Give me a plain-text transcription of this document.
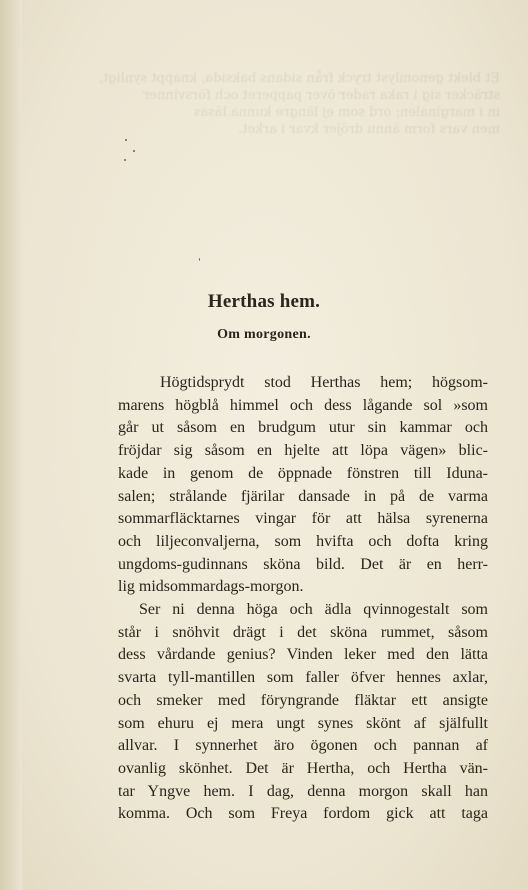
Et blekt genomlyst tryck från sidans baksida, knappt synligt,
sträcker sig i raka rader över papperet och försvinner
in i marginalen; ord som ej längre kunna läsas
men vars form ännu dröjer kvar i arket.

Herthas hem.
Om morgonen.
Högtidsprydt stod Herthas hem; högsom-
marens högblå himmel och dess lågande sol »som
går ut såsom en brudgum utur sin kammar och
fröjdar sig såsom en hjelte att löpa vägen» blic-
kade in genom de öppnade fönstren till Iduna-
salen; strålande fjärilar dansade in på de varma
sommarfläcktarnes vingar för att hälsa syrenerna
och liljeconvaljerna, som hvifta och dofta kring
ungdoms-gudinnans sköna bild. Det är en herr-
lig midsommardags-morgon.
Ser ni denna höga och ädla qvinnogestalt som
står i snöhvit drägt i det sköna rummet, såsom
dess vårdande genius? Vinden leker med den lätta
svarta tyll-mantillen som faller öfver hennes axlar,
och smeker med föryngrande fläktar ett ansigte
som ehuru ej mera ungt synes skönt af själfullt
allvar. I synnerhet äro ögonen och pannan af
ovanlig skönhet. Det är Hertha, och Hertha vän-
tar Yngve hem. I dag, denna morgon skall han
komma. Och som Freya fordom gick att taga
